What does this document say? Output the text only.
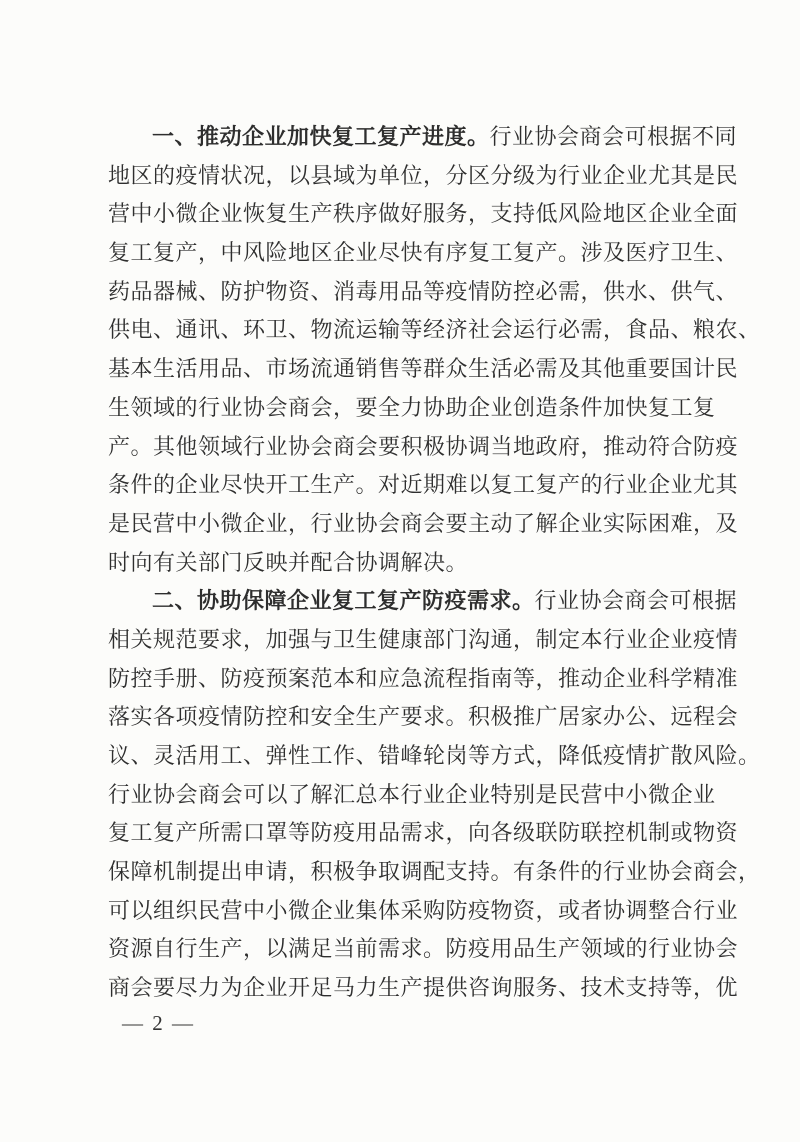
一、推动企业加快复工复产进度。行业协会商会可根据不同
地区的疫情状况，以县域为单位，分区分级为行业企业尤其是民
营中小微企业恢复生产秩序做好服务，支持低风险地区企业全面
复工复产，中风险地区企业尽快有序复工复产。涉及医疗卫生、
药品器械、防护物资、消毒用品等疫情防控必需，供水、供气、
供电、通讯、环卫、物流运输等经济社会运行必需，食品、粮农、
基本生活用品、市场流通销售等群众生活必需及其他重要国计民
生领域的行业协会商会，要全力协助企业创造条件加快复工复
产。其他领域行业协会商会要积极协调当地政府，推动符合防疫
条件的企业尽快开工生产。对近期难以复工复产的行业企业尤其
是民营中小微企业，行业协会商会要主动了解企业实际困难，及
时向有关部门反映并配合协调解决。
二、协助保障企业复工复产防疫需求。行业协会商会可根据
相关规范要求，加强与卫生健康部门沟通，制定本行业企业疫情
防控手册、防疫预案范本和应急流程指南等，推动企业科学精准
落实各项疫情防控和安全生产要求。积极推广居家办公、远程会
议、灵活用工、弹性工作、错峰轮岗等方式，降低疫情扩散风险。
行业协会商会可以了解汇总本行业企业特别是民营中小微企业
复工复产所需口罩等防疫用品需求，向各级联防联控机制或物资
保障机制提出申请，积极争取调配支持。有条件的行业协会商会，
可以组织民营中小微企业集体采购防疫物资，或者协调整合行业
资源自行生产，以满足当前需求。防疫用品生产领域的行业协会
商会要尽力为企业开足马力生产提供咨询服务、技术支持等，优
— 2 —
